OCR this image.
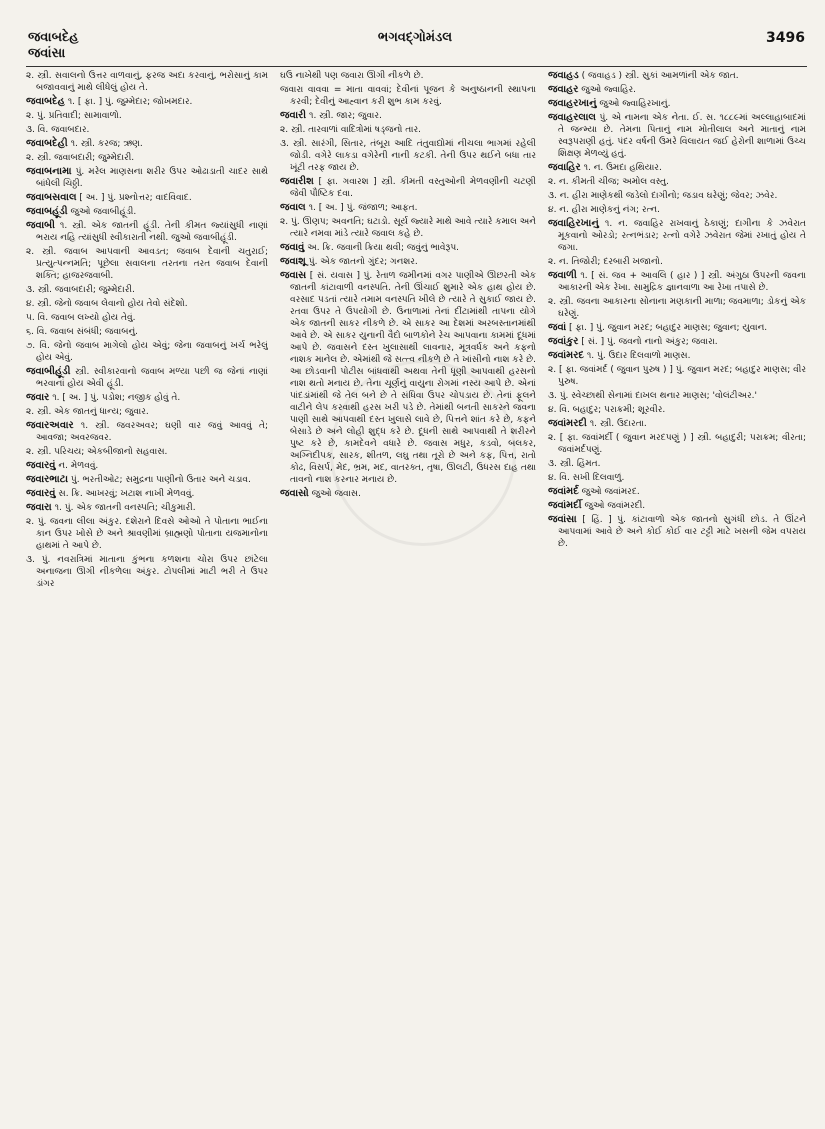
જવાબદેહ
જવાંસા
ભગવદ્ગોમંડલ	3496
૨. સ્ત્રી. સવાલનો ઉત્તર વાળવાનું, ફરજ અદા કરવાનું, ભરોસાનું કામ બજાવવાનું માથે લીધેલું હોય તે.
જવાબદેહ ૧. [ ફા. ] પું. જુમ્મેદાર; જોખમદાર.
૨. પું. પ્રતિવાદી; સામાવાળો.
૩. વિ. જવાબદાર.
જવાબદેહી ૧. સ્ત્રી. કરજ; ઋણ.
૨. સ્ત્રી. જવાબદારી; જુમ્મેદારી.
જવાબનામા પું. મરેલ માણસના શરીર ઉપર ઓઢાડાતી ચાદર સાથે બાંધેલી ચિઠ્ઠી.
જવાબસવાલ [ અ. ] પું. પ્રશ્નોત્તર; વાદવિવાદ.
જવાબહૂંડી જુઓ જવાબીહૂંડી.
જવાબી ૧. સ્ત્રી. એક જાતની હૂંડી. તેની કીમત જ્યાંસુધી નાણાં ભરાય નહિ ત્યાંસુધી સ્વીકારાતી નથી. જુઓ જવાબીહૂંડી.
૨. સ્ત્રી. જવાબ આપવાની આવડત; જવાબ દેવાની ચતુરાઈ; પ્રત્યુત્પન્નમતિ; પૂછેલા સવાલના તરતના તરત જવાબ દેવાની શક્તિ; હાજરજવાબી.
૩. સ્ત્રી. જવાબદારી; જુમ્મેદારી.
૪. સ્ત્રી. જેનો જવાબ લેવાનો હોય તેવો સંદેશો.
૫. વિ. જવાબ લખ્યો હોય તેવું.
૬. વિ. જવાબ સંબંધી; જવાબનું.
૭. વિ. જેનો જવાબ માગેલો હોય એવું; જેના જવાબનું ખર્ચ ભરેલું હોય એવું.
જવાબીહૂંડી સ્ત્રી. સ્વીકારવાનો જવાબ મળ્યા પછી જ જેનાં નાણાં ભરવાનાં હોય એવી હૂંડી.
જવાર ૧. [ અ. ] પું. પડોશ; નજીક હોવું તે.
૨. સ્ત્રી. એક જાતનું ધાન્ય; જુવાર.
જવારઅવાર ૧. સ્ત્રી. જવરઅવર; ઘણી વાર જવું આવવું તે; આવજા; અવરજવર.
૨. સ્ત્રી. પરિચય; એકબીજાનો સહવાસ.
જવારવું ન. મેળવવું.
જવારભાટા પું. ભરતીઓટ; સમુદ્રના પાણીનો ઉતાર અને ચડાવ.
જવારવું સ. ક્રિ. આખરવું; ખટાશ નાખી મેળવવું.
જવારા ૧. પું. એક જાતની વનસ્પતિ; ચીકુમારી.
૨. પું. જવના લીલા અંકુર. દશેરાને દિવસે ઓઓ તે પોતાના ભાઈના કાન ઉપર ખોસે છે અને શ્રાવણીમાં બ્રાહ્મણો પોતાના યજમાનોના હાથમાં તે આપે છે.
૩. પું. નવરાત્રિમાં માતાના કુંભના કળશના ચોરા ઉપર છાંટેલા અનાજના ઊગી નીકળેલા અંકુર. ટોપલીમાં માટી ભરી તે ઉપર ડાંગર
ઘઉં નાખેથી પણ જવારા ઊગી નીકળે છે.
જવારા વાવવા = માતા વાવવાં; દેવીનાં પૂજન કે અનુષ્ઠાનની સ્થાપના કરવી; દેવીનું આહ્વાન કરી શુભ કામ કરવું.
જવારી ૧. સ્ત્રી. જાર; જુવાર.
૨. સ્ત્રી. તારવાળાં વાદિત્રોમાં ષડ્જનો તાર.
૩. સ્ત્રી. સારંગી, સિતાર, તંબૂરા આદિ તંતુવાદ્યોમાં નીચલા ભાગમાં રહેલી જોડી. વગેરે લાકડા વગેરેની નાની કટકી. તેની ઉપર થઈને બધા તાર ખૂંટી તરફ જાય છે.
જવારીશ [ ફા. ગવારશ ] સ્ત્રી. કીમતી વસ્તુઓની મેળવણીની ચટણી જેવી પૌષ્ટિક દવા.
જવાલ ૧. [ અ. ] પું. જંજાળ; આફત.
૨. પું. ઊણપ; અવનતિ; ઘટાડો. સૂર્ય જ્યારે માથે આવે ત્યારે કમાલ અને ત્યારે નમવા માંડે ત્યારે જવાલ કહે છે.
જવાવું અ. ક્રિ. જવાની ક્રિયા થવી; જવુંનું ભાવેરૂપ.
જવાશૂ પું. એક જાતનો ગુંદર; ગનશર.
જવાસ [ સં. યવાસ ] પું. રેતાળ જમીનમાં વગર પાણીએ ઊછરતી એક જાતની કાંટાવાળી વનસ્પતિ. તેની ઊંચાઈ શુમારે એક હાથ હોય છે. વરસાદ પડતાં ત્યારે તમામ વનસ્પતિ ખીલે છે ત્યારે તે સુકાઈ જાય છે. રતવા ઉપર તે ઉપયોગી છે. ઉનાળામાં તેનાં દીંટામાંથી તાપના યોગે એક જાતની સાકર નીકળે છે. એ સાકર આ દેશમાં અરબસ્તાનમાંથી આવે છે. એ સાકર યુનાની વૈદો બાળકોને રેચ આપવાના કામમાં દૂધમાં આપે છે. જવાસને દસ્ત ખુલાસાથી લાવનાર, મૂત્રવર્ધક અને કફનો નાશક માનેલ છે. એમાંથી જે સત્ત્વ નીકળે છે તે ખાંસીનો નાશ કરે છે. આ છોડવાની પોટીસ બાંધવાથી અથવા તેની ધૂણી આપવાથી હરસનો નાશ થતો મનાય છે. તેના ચૂર્ણનું વાયુના રોગમાં નસ્ય આપે છે. એનાં પાંદડાંમાંથી જે તેલ બને છે તે સંધિવા ઉપર ચોપડાય છે. તેનાં ફૂલને વાટીને લેપ કરવાથી હરસ ખરી પડે છે. તેમાંથી બનતી સાકરને જવના પાણી સાથે આપવાથી દસ્ત ખુલાસે લાવે છે, પિત્તને શાંત કરે છે, કફને બેસાડે છે અને લોહી શુદ્ધ કરે છે. દૂધની સાથે આપવાથી તે શરીરને પુષ્ટ કરે છે, કામદેવને વધારે છે. જવાસ મધુર, કડવો, બલકર, અગ્નિદીપક, સારક, શીતળ, લઘુ તથા તૂરો છે અને કફ, પિત્ત, રાતો કોઢ, વિસર્પ, મેદ, ભ્રમ, મદ, વાતરક્ત, તૃષા, ઊલટી, ઉધરસ દાહ તથા તાવનો નાશ કરનાર મનાય છે.
જવાસો જુઓ જવાસ.
જવાહડ ( જવાહડ ) સ્ત્રી. સુકાં આમળાંની એક જાત.
જવાહર જુઓ જ્વાહિર.
જવાહરખાનું જુઓ જ્વાહિરખાનું.
જવાહરલાલ પું. એ નામના એક નેતા. ઈ. સ. ૧૮૮૯માં અલ્લાહાબાદમાં તે જન્મ્યા છે. તેમના પિતાનું નામ મોતીલાલ અને માતાનું નામ સ્વરૂપરાણી હતું. પંદર વર્ષની ઉમરે વિલાયત જઈ હેરોની શાળામાં ઉચ્ચ શિક્ષણ મેળવ્યું હતું.
જવાહિર ૧. ન. ઉમદા હથિયાર.
૨. ન. કીમતી ચીજ; અમોલ વસ્તુ.
૩. ન. હીરા માણેકથી જડેલો દાગીનો; જડાવ ઘરેણું; જેવર; ઝવેર.
૪. ન. હીરા માણેકનું નંગ; રત્ન.
જવાહિરખાનું ૧. ન. જવાહિર રાખવાનું ઠેકાણું; દાગીના કે ઝવેરાત મૂકવાનો ઓરડો; રત્નભંડાર; રત્નો વગેરે ઝવેરાત જેમાં રખાતું હોય તે જગા.
૨. ન. તિજોરી; દરબારી ખજાનો.
જવાળી ૧. [ સં. જવ + આવલિ ( હાર ) ] સ્ત્રી. અંગુઠા ઉપરની જવના આકારની એક રેખા. સામુદ્રિક જ્ઞાનવાળા આ રેખા તપાસે છે.
૨. સ્ત્રી. જવના આકારના સોનાના મણકાની માળા; જવમાળા; ડોકનું એક ઘરેણું.
જવાં [ ફા. ] પું. જુવાન મરદ; બહાદુર માણસ; જુવાન; યુવાન.
જવાંકુર [ સં. ] પું. જવનો નાનો અંકુર; જવારા.
જવાંમરદ ૧. પું. ઉદાર દિલવાળો માણસ.
૨. [ ફા. જવાંમર્દ ( જુવાન પુરુષ ) ] પું. જુવાન મરદ; બહાદુર માણસ; વીર પુરુષ.
૩. પું. સ્વેચ્છાથી સેનામાં દાખલ થનાર માણસ; 'વોલંટીઅર.'
૪. વિ. બહાદુર; પરાક્રમી; શૂરવીર.
જવાંમરદી ૧. સ્ત્રી. ઉદારતા.
૨. [ ફા. જવાંમર્દી ( જુવાન મરદપણું ) ] સ્ત્રી. બહાદુરી; પરાક્રમ; વીરતા; જવાંમર્દપણું.
૩. સ્ત્રી. હિંમત.
૪. વિ. સખી દિલવાળું.
જવાંમર્દ જુઓ જવાંમરદ.
જવાંમર્દી જુઓ જવાંમરદી.
જવાંસા [ હિં. ] પું. કાંટાવાળો એક જાતનો સુગંધી છોડ. તે ઊંટને આપવામાં આવે છે અને કોઈ કોઈ વાર ટટ્ટી માટે ખસની જેમ વપરાય છે.
